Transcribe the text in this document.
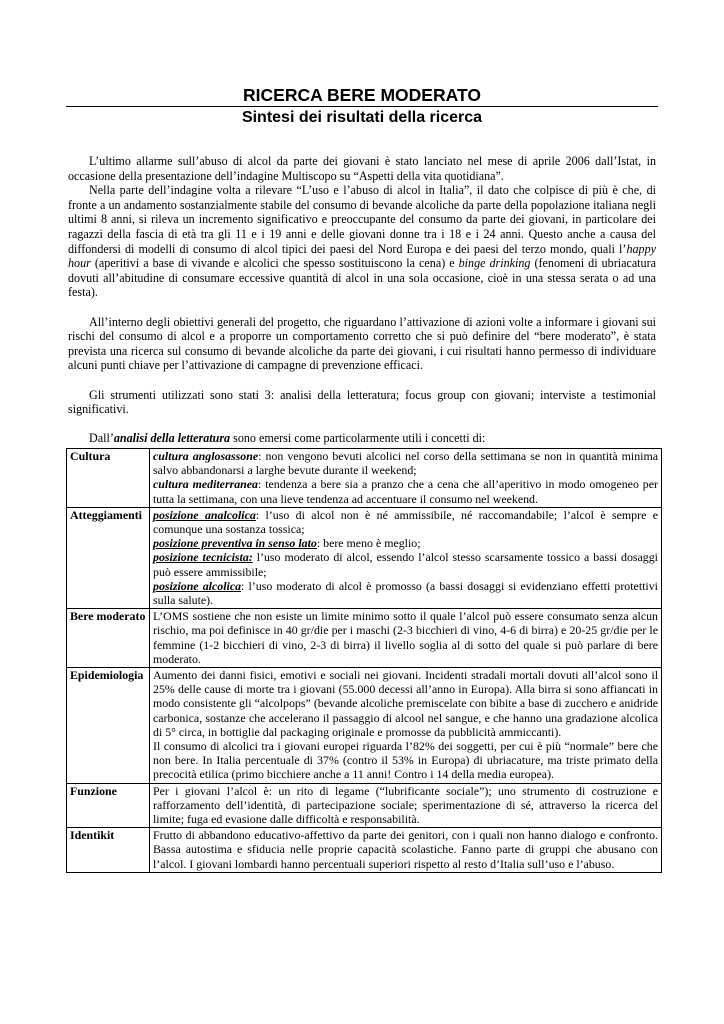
RICERCA BERE MODERATO
Sintesi dei risultati della ricerca

L’ultimo allarme sull’abuso di alcol da parte dei giovani è stato lanciato nel mese di aprile 2006 dall’Istat, in occasione della presentazione dell’indagine Multiscopo su “Aspetti della vita quotidiana”.

Nella parte dell’indagine volta a rilevare “L’uso e l’abuso di alcol in Italia”, il dato che colpisce di più è che, di fronte a un andamento sostanzialmente stabile del consumo di bevande alcoliche da parte della popolazione italiana negli ultimi 8 anni, si rileva un incremento significativo e preoccupante del consumo da parte dei giovani, in particolare dei ragazzi della fascia di età tra gli 11 e i 19 anni e delle giovani donne tra i 18 e i 24 anni. Questo anche a causa del diffondersi di modelli di consumo di alcol tipici dei paesi del Nord Europa e dei paesi del terzo mondo, quali l’happy hour (aperitivi a base di vivande e alcolici che spesso sostituiscono la cena) e binge drinking (fenomeni di ubriacatura dovuti all’abitudine di consumare eccessive quantità di alcol in una sola occasione, cioè in una stessa serata o ad una festa).

All’interno degli obiettivi generali del progetto, che riguardano l’attivazione di azioni volte a informare i giovani sui rischi del consumo di alcol e a proporre un comportamento corretto che si può definire del “bere moderato”, è stata prevista una ricerca sul consumo di bevande alcoliche da parte dei giovani, i cui risultati hanno permesso di individuare alcuni punti chiave per l’attivazione di campagne di prevenzione efficaci.

Gli strumenti utilizzati sono stati 3: analisi della letteratura; focus group con giovani; interviste a testimonial significativi.

Dall’analisi della letteratura sono emersi come particolarmente utili i concetti di:

Cultura	cultura anglosassone: non vengono bevuti alcolici nel corso della settimana se non in quantità minima salvo abbandonarsi a larghe bevute durante il weekend;
cultura mediterranea: tendenza a bere sia a pranzo che a cena che all’aperitivo in modo omogeneo per tutta la settimana, con una lieve tendenza ad accentuare il consumo nel weekend.

Atteggiamenti	posizione analcolica: l’uso di alcol non è né ammissibile, né raccomandabile; l’alcol è sempre e comunque una sostanza tossica;
posizione preventiva in senso lato: bere meno è meglio;
posizione tecnicista: l’uso moderato di alcol, essendo l’alcol stesso scarsamente tossico a bassi dosaggi può essere ammissibile;
posizione alcolica: l’uso moderato di alcol è promosso (a bassi dosaggi si evidenziano effetti protettivi sulla salute).

Bere moderato	L’OMS sostiene che non esiste un limite minimo sotto il quale l’alcol può essere consumato senza alcun rischio, ma poi definisce in 40 gr/die per i maschi (2-3 bicchieri di vino, 4-6 di birra) e 20-25 gr/die per le femmine (1-2 bicchieri di vino, 2-3 di birra) il livello soglia al di sotto del quale si può parlare di bere moderato.
Epidemiologia	Aumento dei danni fisici, emotivi e sociali nei giovani. Incidenti stradali mortali dovuti all’alcol sono il 25% delle cause di morte tra i giovani (55.000 decessi all’anno in Europa). Alla birra si sono affiancati in modo consistente gli “alcolpops” (bevande alcoliche premiscelate con bibite a base di zucchero e anidride carbonica, sostanze che accelerano il passaggio di alcool nel sangue, e che hanno una gradazione alcolica di 5° circa, in bottiglie dal packaging originale e promosse da pubblicità ammiccanti).
Il consumo di alcolici tra i giovani europei riguarda l’82% dei soggetti, per cui è più “normale” bere che non bere. In Italia percentuale di 37% (contro il 53% in Europa) di ubriacature, ma triste primato della precocità etilica (primo bicchiere anche a 11 anni! Contro i 14 della media europea).

Funzione	Per i giovani l’alcol è: un rito di legame (“lubrificante sociale”); uno strumento di costruzione e rafforzamento dell’identità, di partecipazione sociale; sperimentazione di sé, attraverso la ricerca del limite; fuga ed evasione dalle difficoltà e responsabilità.
Identikit	Frutto di abbandono educativo-affettivo da parte dei genitori, con i quali non hanno dialogo e confronto. Bassa autostima e sfiducia nelle proprie capacità scolastiche. Fanno parte di gruppi che abusano con l’alcol. I giovani lombardi hanno percentuali superiori rispetto al resto d’Italia sull’uso e l’abuso.
